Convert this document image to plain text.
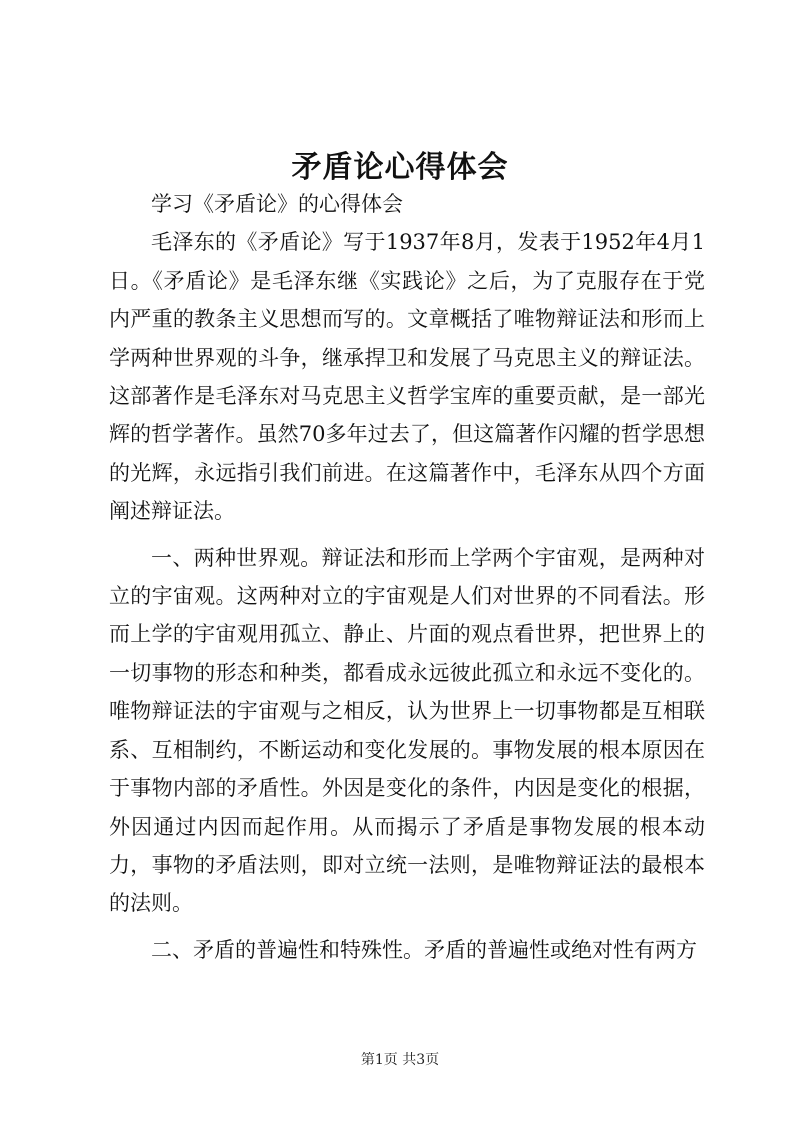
矛盾论心得体会

学习《矛盾论》的心得体会

毛泽东的《矛盾论》写于1937年8月，发表于1952年4月1日。《矛盾论》是毛泽东继《实践论》之后，为了克服存在于党内严重的教条主义思想而写的。文章概括了唯物辩证法和形而上学两种世界观的斗争，继承捍卫和发展了马克思主义的辩证法。这部著作是毛泽东对马克思主义哲学宝库的重要贡献，是一部光辉的哲学著作。虽然70多年过去了，但这篇著作闪耀的哲学思想的光辉，永远指引我们前进。在这篇著作中，毛泽东从四个方面阐述辩证法。

一、两种世界观。辩证法和形而上学两个宇宙观，是两种对立的宇宙观。这两种对立的宇宙观是人们对世界的不同看法。形而上学的宇宙观用孤立、静止、片面的观点看世界，把世界上的一切事物的形态和种类，都看成永远彼此孤立和永远不变化的。唯物辩证法的宇宙观与之相反，认为世界上一切事物都是互相联系、互相制约，不断运动和变化发展的。事物发展的根本原因在于事物内部的矛盾性。外因是变化的条件，内因是变化的根据，外因通过内因而起作用。从而揭示了矛盾是事物发展的根本动力，事物的矛盾法则，即对立统一法则，是唯物辩证法的最根本的法则。

二、矛盾的普遍性和特殊性。矛盾的普遍性或绝对性有两方

第1页 共3页
